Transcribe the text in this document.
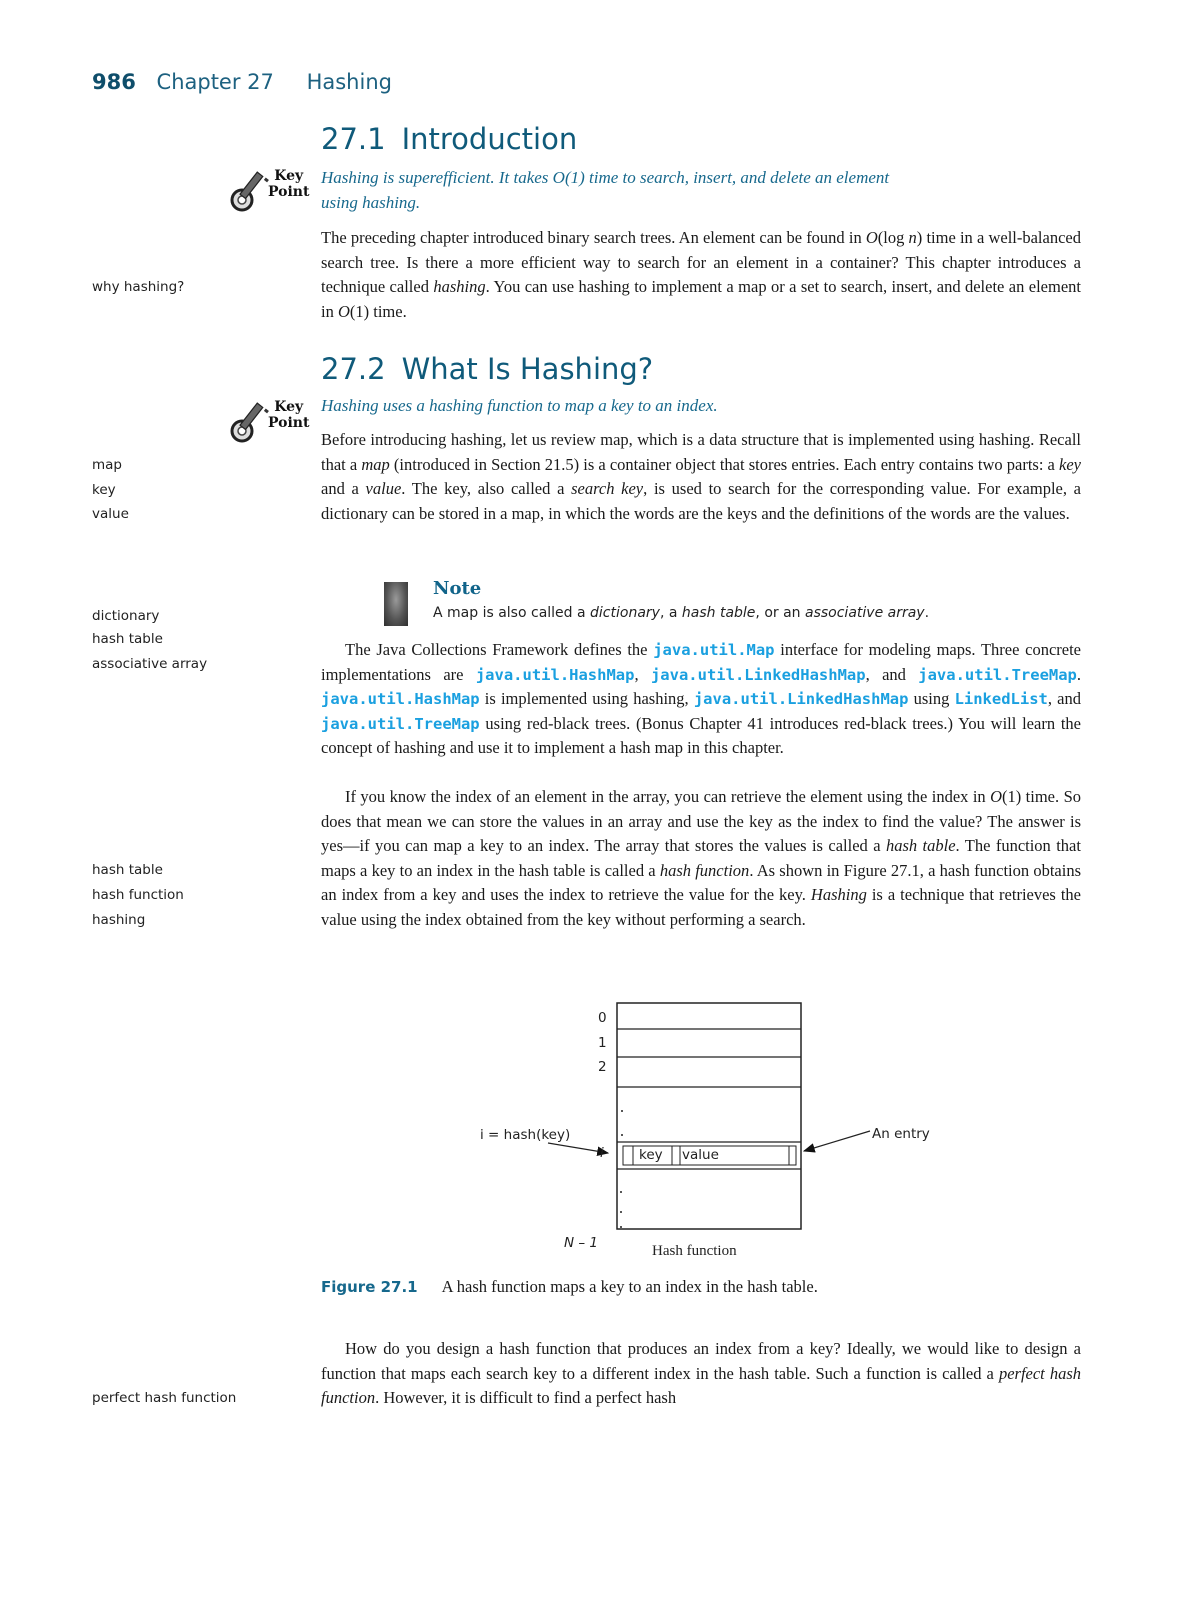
986 Chapter 27 Hashing
27.1 Introduction
Key
Point
Hashing is superefficient. It takes O(1) time to search, insert, and delete an element
using hashing.

The preceding chapter introduced binary search trees. An element can be found in O(log n) time in a well-balanced search tree. Is there a more efficient way to search for an element in a container? This chapter introduces a technique called hashing. You can use hashing to implement a map or a set to search, insert, and delete an element in O(1) time.

why hashing?
27.2 What Is Hashing?
Key
Point
Hashing uses a hashing function to map a key to an index.

Before introducing hashing, let us review map, which is a data structure that is implemented using hashing. Recall that a map (introduced in Section 21.5) is a container object that stores entries. Each entry contains two parts: a key and a value. The key, also called a search key, is used to search for the corresponding value. For example, a dictionary can be stored in a map, in which the words are the keys and the definitions of the words are the values.

map
key
value
Note
A map is also called a dictionary, a hash table, or an associative array.
dictionary
hash table
associative array

The Java Collections Framework defines the java.util.Map interface for modeling maps. Three concrete implementations are java.util.HashMap, java.util.LinkedHashMap, and java.util.TreeMap. java.util.HashMap is implemented using hashing, java.util.LinkedHashMap using LinkedList, and java.util.TreeMap using red-black trees. (Bonus Chapter 41 introduces red-black trees.) You will learn the concept of hashing and use it to implement a hash map in this chapter.

If you know the index of an element in the array, you can retrieve the element using the index in O(1) time. So does that mean we can store the values in an array and use the key as the index to find the value? The answer is yes—if you can map a key to an index. The array that stores the values is called a hash table. The function that maps a key to an index in the hash table is called a hash function. As shown in Figure 27.1, a hash function obtains an index from a key and uses the index to retrieve the value for the key. Hashing is a technique that retrieves the value using the index obtained from the key without performing a search.

hash table
hash function
hashing
0
1
2
i
N – 1
i = hash(key)	An entry
key value
Hash function
Figure 27.1 A hash function maps a key to an index in the hash table.

How do you design a hash function that produces an index from a key? Ideally, we would like to design a function that maps each search key to a different index in the hash table. Such a function is called a perfect hash function. However, it is difficult to find a perfect hash

perfect hash function
